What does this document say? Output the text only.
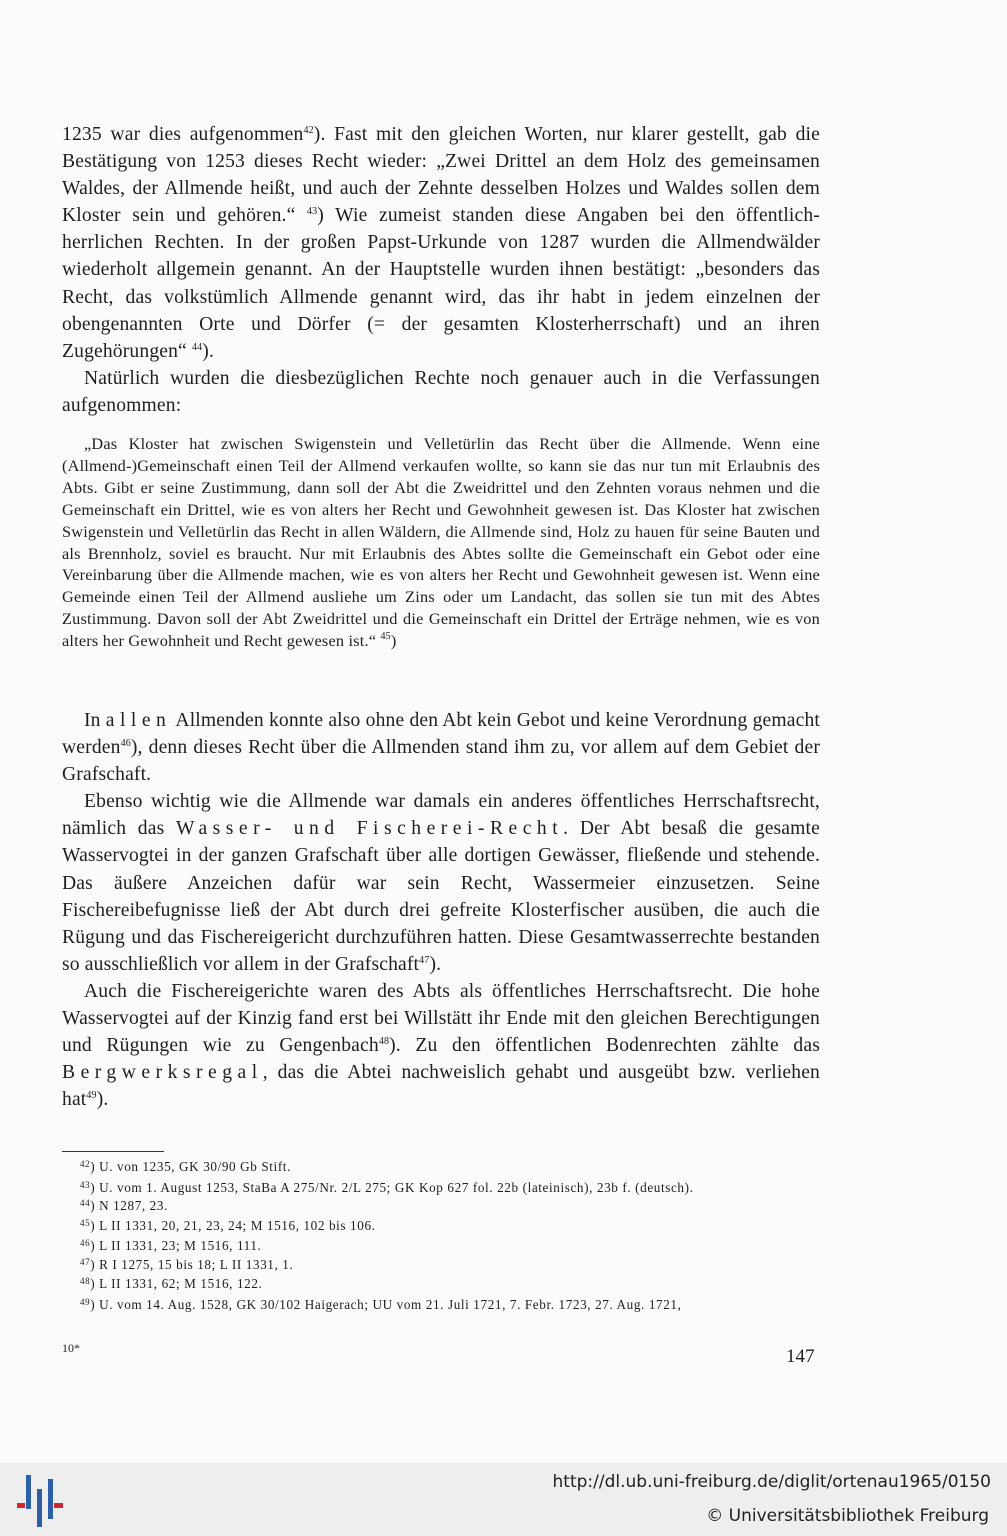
1235 war dies aufgenommen$^{42}$). Fast mit den gleichen Worten, nur klarer gestellt, gab die Bestätigung von 1253 dieses Recht wieder: „Zwei Drittel an dem Holz des gemeinsamen Waldes, der Allmende heißt, und auch der Zehnte desselben Holzes und Waldes sollen dem Kloster sein und gehören.“ $^{43}$) Wie zumeist standen diese Angaben bei den öffentlich-herrlichen Rechten. In der großen Papst-Urkunde von 1287 wurden die Allmendwälder wiederholt allgemein genannt. An der Hauptstelle wurden ihnen bestätigt: „besonders das Recht, das volkstümlich Allmende genannt wird, das ihr habt in jedem einzelnen der obengenannten Orte und Dörfer (= der gesamten Klosterherrschaft) und an ihren Zugehörungen“ $^{44}$).

Natürlich wurden die diesbezüglichen Rechte noch genauer auch in die Verfassungen aufgenommen:

„Das Kloster hat zwischen Swigenstein und Velletürlin das Recht über die Allmende. Wenn eine (Allmend-)Gemeinschaft einen Teil der Allmend verkaufen wollte, so kann sie das nur tun mit Erlaubnis des Abts. Gibt er seine Zustimmung, dann soll der Abt die Zweidrittel und den Zehnten voraus nehmen und die Gemeinschaft ein Drittel, wie es von alters her Recht und Gewohnheit gewesen ist. Das Kloster hat zwischen Swigenstein und Velletürlin das Recht in allen Wäldern, die Allmende sind, Holz zu hauen für seine Bauten und als Brennholz, soviel es braucht. Nur mit Erlaubnis des Abtes sollte die Gemeinschaft ein Gebot oder eine Vereinbarung über die Allmende machen, wie es von alters her Recht und Gewohnheit gewesen ist. Wenn eine Gemeinde einen Teil der Allmend ausliehe um Zins oder um Landacht, das sollen sie tun mit des Abtes Zustimmung. Davon soll der Abt Zweidrittel und die Gemeinschaft ein Drittel der Erträge nehmen, wie es von alters her Gewohnheit und Recht gewesen ist.“ $^{45}$)

In allen Allmenden konnte also ohne den Abt kein Gebot und keine Verordnung gemacht werden$^{46}$), denn dieses Recht über die Allmenden stand ihm zu, vor allem auf dem Gebiet der Grafschaft.

Ebenso wichtig wie die Allmende war damals ein anderes öffentliches Herrschaftsrecht, nämlich das Wasser- und Fischerei-Recht. Der Abt besaß die gesamte Wasservogtei in der ganzen Grafschaft über alle dortigen Gewässer, fließende und stehende. Das äußere Anzeichen dafür war sein Recht, Wassermeier einzusetzen. Seine Fischereibefugnisse ließ der Abt durch drei gefreite Klosterfischer ausüben, die auch die Rügung und das Fischereigericht durchzuführen hatten. Diese Gesamtwasserrechte bestanden so ausschließlich vor allem in der Grafschaft$^{47}$).

Auch die Fischereigerichte waren des Abts als öffentliches Herrschaftsrecht. Die hohe Wasservogtei auf der Kinzig fand erst bei Willstätt ihr Ende mit den gleichen Berechtigungen und Rügungen wie zu Gengenbach$^{48}$). Zu den öffentlichen Bodenrechten zählte das Bergwerksregal, das die Abtei nachweislich gehabt und ausgeübt bzw. verliehen hat$^{49}$).

$^{42}$) U. von 1235, GK 30/90 Gb Stift.
$^{43}$) U. vom 1. August 1253, StaBa A 275/Nr. 2/L 275; GK Kop 627 fol. 22b (lateinisch), 23b f. (deutsch).
$^{44}$) N 1287, 23.
$^{45}$) L II 1331, 20, 21, 23, 24; M 1516, 102 bis 106.
$^{46}$) L II 1331, 23; M 1516, 111.
$^{47}$) R I 1275, 15 bis 18; L II 1331, 1.
$^{48}$) L II 1331, 62; M 1516, 122.
$^{49}$) U. vom 14. Aug. 1528, GK 30/102 Haigerach; UU vom 21. Juli 1721, 7. Febr. 1723, 27. Aug. 1721,
10*	147
http://dl.ub.uni-freiburg.de/diglit/ortenau1965/0150
© Universitätsbibliothek Freiburg
